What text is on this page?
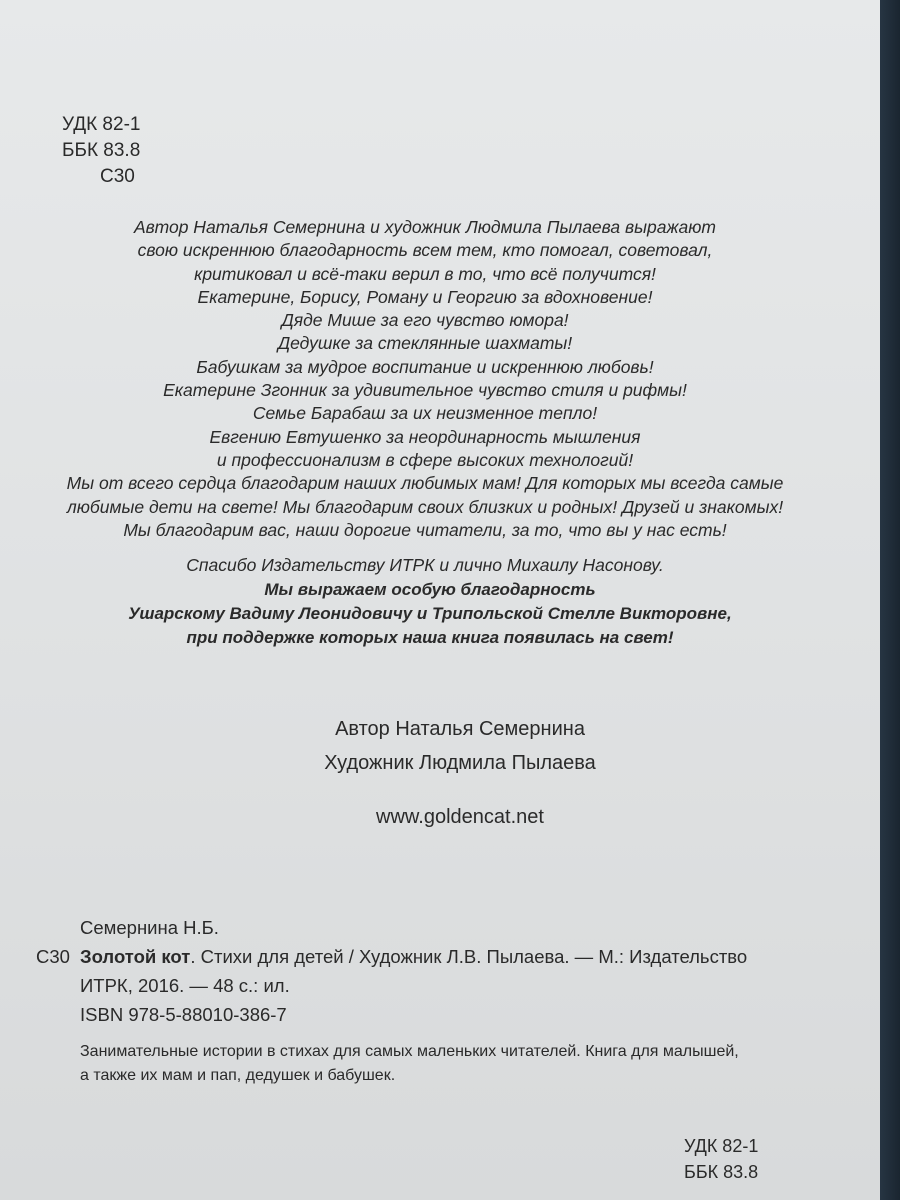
УДК 82-1
ББК 83.8
С30
Автор Наталья Семернина и художник Людмила Пылаева выражают
свою искреннюю благодарность всем тем, кто помогал, советовал,
критиковал и всё-таки верил в то, что всё получится!
Екатерине, Борису, Роману и Георгию за вдохновение!
Дяде Мише за его чувство юмора!
Дедушке за стеклянные шахматы!
Бабушкам за мудрое воспитание и искреннюю любовь!
Екатерине Згонник за удивительное чувство стиля и рифмы!
Семье Барабаш за их неизменное тепло!
Евгению Евтушенко за неординарность мышления
и профессионализм в сфере высоких технологий!
Мы от всего сердца благодарим наших любимых мам! Для которых мы всегда самые
любимые дети на свете! Мы благодарим своих близких и родных! Друзей и знакомых!
Мы благодарим вас, наши дорогие читатели, за то, что вы у нас есть!
Спасибо Издательству ИТРК и лично Михаилу Насонову.
Мы выражаем особую благодарность
Ушарскому Вадиму Леонидовичу и Трипольской Стелле Викторовне,
при поддержке которых наша книга появилась на свет!
Автор Наталья Семернина
Художник Людмила Пылаева
www.goldencat.net
Семернина Н.Б.
С30 Золотой кот. Стихи для детей / Художник Л.В. Пылаева. — М.: Издательство
ИТРК, 2016. — 48 с.: ил.
ISBN 978-5-88010-386-7
Занимательные истории в стихах для самых маленьких читателей. Книга для малышей,
а также их мам и пап, дедушек и бабушек.
УДК 82-1
ББК 83.8
